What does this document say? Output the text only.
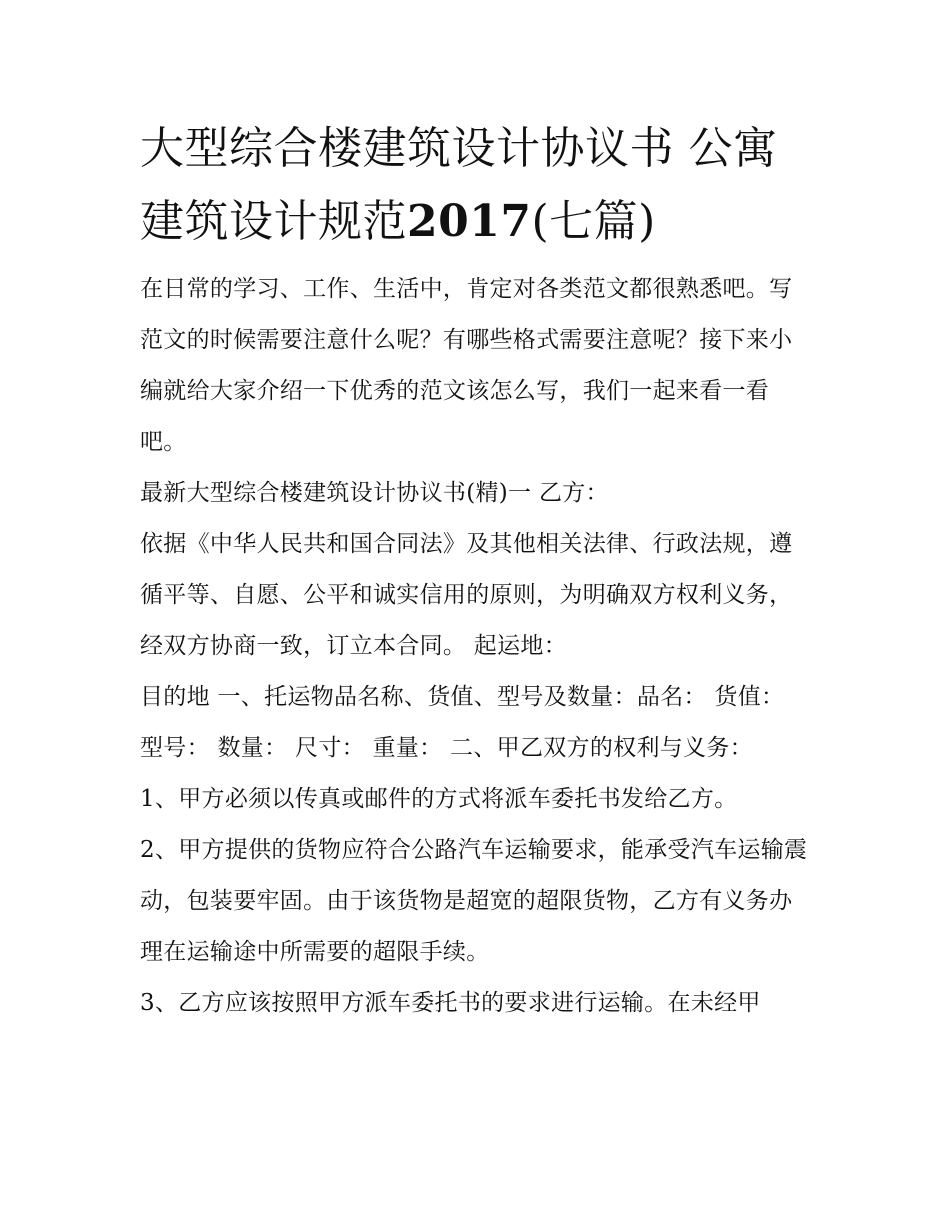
大型综合楼建筑设计协议书 公寓建筑设计规范2017(七篇)

在日常的学习、工作、生活中，肯定对各类范文都很熟悉吧。写范文的时候需要注意什么呢？有哪些格式需要注意呢？接下来小编就给大家介绍一下优秀的范文该怎么写，我们一起来看一看吧。

最新大型综合楼建筑设计协议书(精)一 乙方：

依据《中华人民共和国合同法》及其他相关法律、行政法规，遵循平等、自愿、公平和诚实信用的原则，为明确双方权利义务，经双方协商一致，订立本合同。 起运地：

目的地 一、托运物品名称、货值、型号及数量：品名： 货值： 型号： 数量： 尺寸： 重量： 二、甲乙双方的权利与义务：

1、甲方必须以传真或邮件的方式将派车委托书发给乙方。

2、甲方提供的货物应符合公路汽车运输要求，能承受汽车运输震动，包装要牢固。由于该货物是超宽的超限货物，乙方有义务办理在运输途中所需要的超限手续。

3、乙方应该按照甲方派车委托书的要求进行运输。在未经甲
